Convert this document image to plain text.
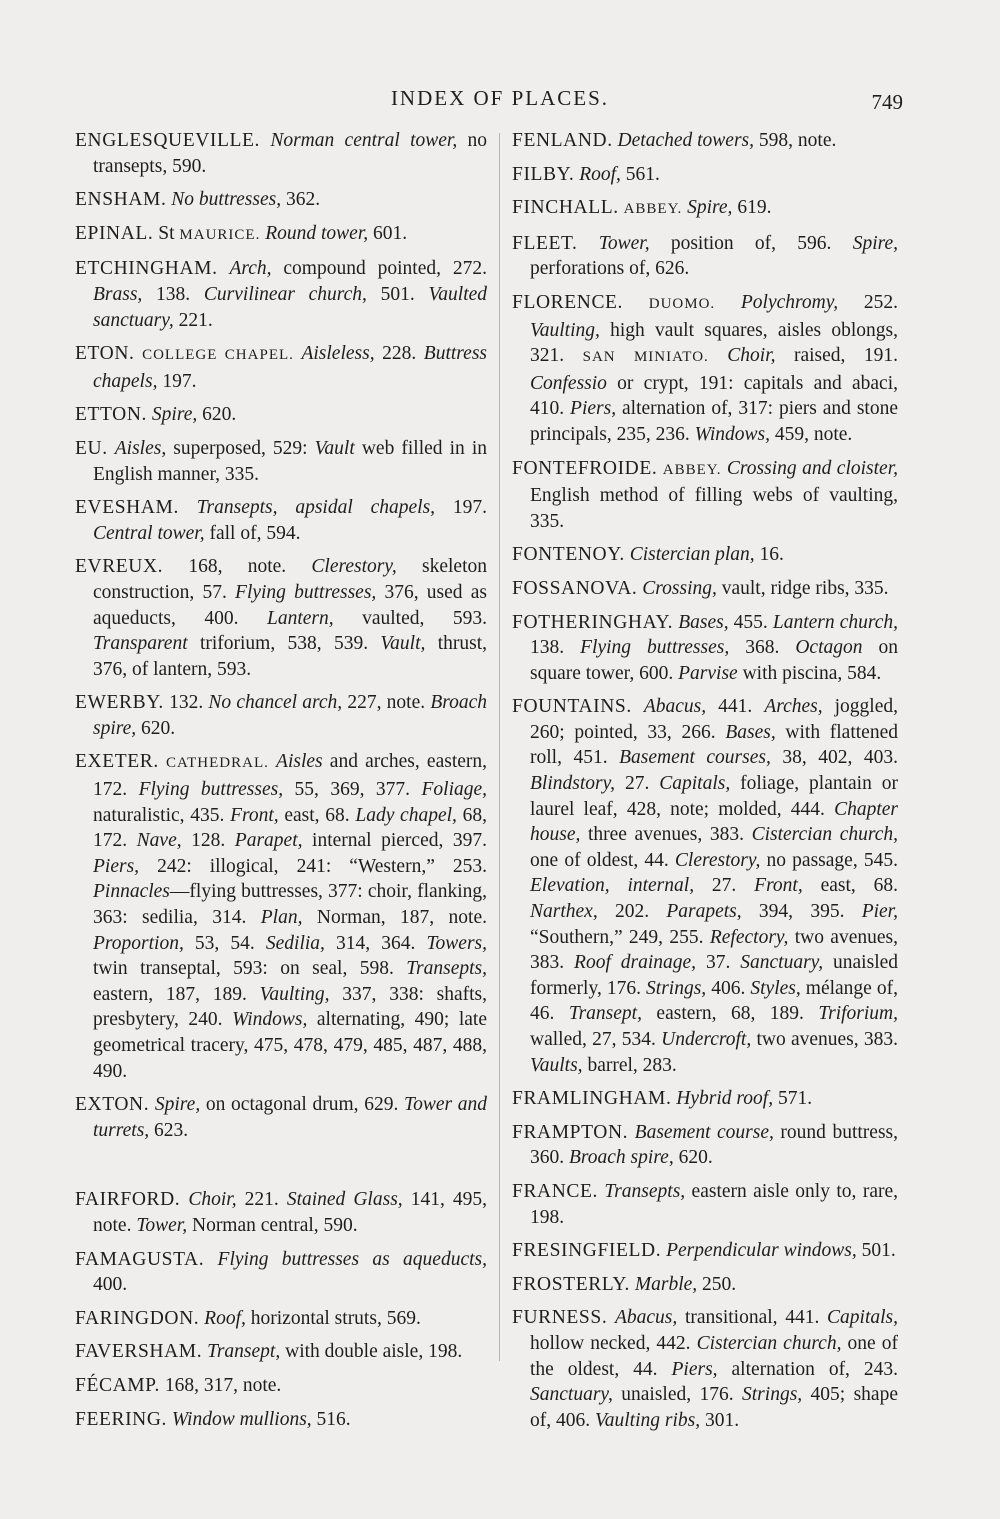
INDEX OF PLACES.	749

ENGLESQUEVILLE. Norman central tower, no transepts, 590.

ENSHAM. No buttresses, 362.

EPINAL. St MAURICE. Round tower, 601.

ETCHINGHAM. Arch, compound pointed, 272. Brass, 138. Curvilinear church, 501. Vaulted sanctuary, 221.

ETON. COLLEGE CHAPEL. Aisleless, 228. Buttress chapels, 197.

ETTON. Spire, 620.

EU. Aisles, superposed, 529: Vault web filled in in English manner, 335.

EVESHAM. Transepts, apsidal chapels, 197. Central tower, fall of, 594.

EVREUX. 168, note. Clerestory, skeleton construction, 57. Flying buttresses, 376, used as aqueducts, 400. Lantern, vaulted, 593. Transparent triforium, 538, 539. Vault, thrust, 376, of lantern, 593.

EWERBY. 132. No chancel arch, 227, note. Broach spire, 620.

EXETER. CATHEDRAL. Aisles and arches, eastern, 172. Flying buttresses, 55, 369, 377. Foliage, naturalistic, 435. Front, east, 68. Lady chapel, 68, 172. Nave, 128. Parapet, internal pierced, 397. Piers, 242: illogical, 241: “Western,” 253. Pinnacles—flying buttresses, 377: choir, flanking, 363: sedilia, 314. Plan, Norman, 187, note. Proportion, 53, 54. Sedilia, 314, 364. Towers, twin transeptal, 593: on seal, 598. Transepts, eastern, 187, 189. Vaulting, 337, 338: shafts, presbytery, 240. Windows, alternating, 490; late geometrical tracery, 475, 478, 479, 485, 487, 488, 490.

EXTON. Spire, on octagonal drum, 629. Tower and turrets, 623.

FAIRFORD. Choir, 221. Stained Glass, 141, 495, note. Tower, Norman central, 590.

FAMAGUSTA. Flying buttresses as aqueducts, 400.

FARINGDON. Roof, horizontal struts, 569.

FAVERSHAM. Transept, with double aisle, 198.

FÉCAMP. 168, 317, note.

FEERING. Window mullions, 516.

FENLAND. Detached towers, 598, note.

FILBY. Roof, 561.

FINCHALL. ABBEY. Spire, 619.

FLEET. Tower, position of, 596. Spire, perforations of, 626.

FLORENCE. DUOMO. Polychromy, 252. Vaulting, high vault squares, aisles oblongs, 321. SAN MINIATO. Choir, raised, 191. Confessio or crypt, 191: capitals and abaci, 410. Piers, alternation of, 317: piers and stone principals, 235, 236. Windows, 459, note.

FONTEFROIDE. ABBEY. Crossing and cloister, English method of filling webs of vaulting, 335.

FONTENOY. Cistercian plan, 16.

FOSSANOVA. Crossing, vault, ridge ribs, 335.

FOTHERINGHAY. Bases, 455. Lantern church, 138. Flying buttresses, 368. Octagon on square tower, 600. Parvise with piscina, 584.

FOUNTAINS. Abacus, 441. Arches, joggled, 260; pointed, 33, 266. Bases, with flattened roll, 451. Basement courses, 38, 402, 403. Blindstory, 27. Capitals, foliage, plantain or laurel leaf, 428, note; molded, 444. Chapter house, three avenues, 383. Cistercian church, one of oldest, 44. Clerestory, no passage, 545. Elevation, internal, 27. Front, east, 68. Narthex, 202. Parapets, 394, 395. Pier, “Southern,” 249, 255. Refectory, two avenues, 383. Roof drainage, 37. Sanctuary, unaisled formerly, 176. Strings, 406. Styles, mélange of, 46. Transept, eastern, 68, 189. Triforium, walled, 27, 534. Undercroft, two avenues, 383. Vaults, barrel, 283.

FRAMLINGHAM. Hybrid roof, 571.

FRAMPTON. Basement course, round buttress, 360. Broach spire, 620.

FRANCE. Transepts, eastern aisle only to, rare, 198.

FRESINGFIELD. Perpendicular windows, 501.

FROSTERLY. Marble, 250.

FURNESS. Abacus, transitional, 441. Capitals, hollow necked, 442. Cistercian church, one of the oldest, 44. Piers, alternation of, 243. Sanctuary, unaisled, 176. Strings, 405; shape of, 406. Vaulting ribs, 301.
